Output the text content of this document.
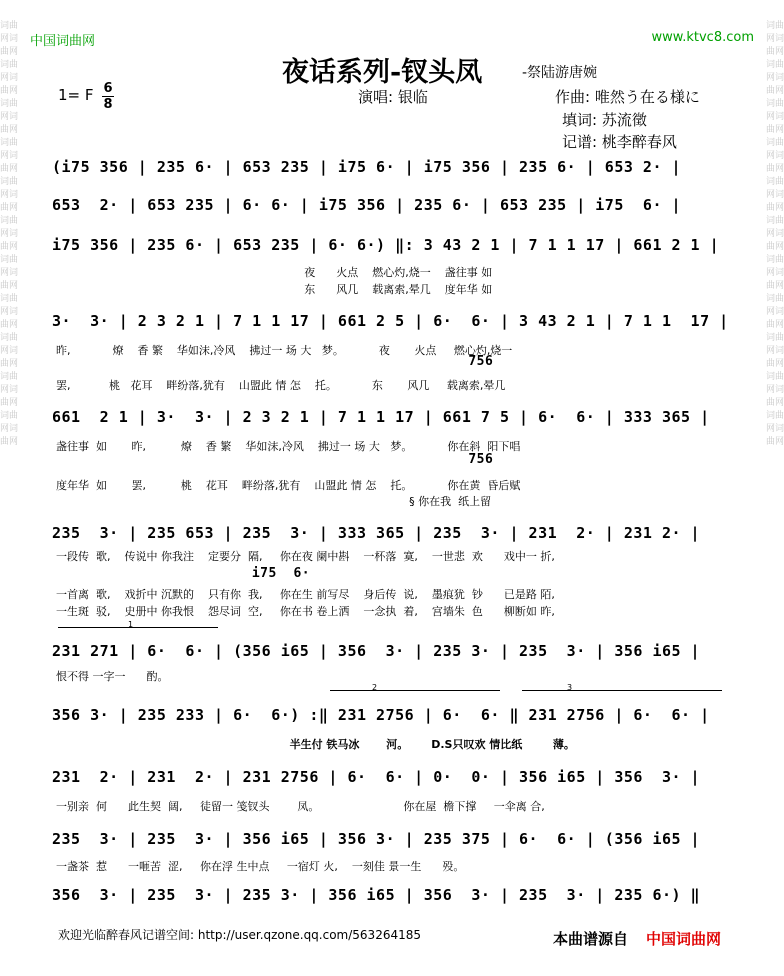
词曲网词曲网词曲网词曲网词曲网词曲网词曲网词曲网词曲网词曲网词曲网词曲网词曲网词曲网词曲网词曲网词曲网词曲网词曲网词曲网词曲网词曲网
词曲网词曲网词曲网词曲网词曲网词曲网词曲网词曲网词曲网词曲网词曲网词曲网词曲网词曲网词曲网词曲网词曲网词曲网词曲网词曲网词曲网词曲网
中国词曲网	www.ktvc8.com
夜话系列-钗头凤	-祭陆游唐婉
1= F 6
8	演唱: 银临	作曲: 唯然う在る様に
填词: 苏流徵
记谱: 桃李醉春风
(i75 356 | 235 6· | 653 235 | i75 6· | i75 356 | 235 6· | 653 2· |
653  2· | 653 235 | 6· 6· | i75 356 | 235 6· | 653 235 | i75  6· |
i75 356 | 235 6· | 653 235 | 6· 6·) ‖: 3 43 2 1 | 7 1 1 17 | 661 2 1 |
夜      火点    燃心灼,烧一    盏往事 如
东      风几    载离索,晕几    度年华 如
3·  3· | 2 3 2 1 | 7 1 1 17 | 661 2 5 | 6·  6· | 3 43 2 1 | 7 1 1  17 |
昨,            燎    香 繁    华如沫,冷风    拂过一 场 大   梦。          夜       火点     燃心灼,烧一
756
罢,           桃   花耳    畔纷落,犹有    山盟此 情 怎    托。          东       风几     载离索,晕几
661  2 1 | 3·  3· | 2 3 2 1 | 7 1 1 17 | 661 7 5 | 6·  6· | 333 365 |
盏往事  如       昨,          燎    香 繁    华如沫,冷风    拂过一 场 大   梦。          你在斜  阳下唱
756
度年华  如       罢,          桃    花耳    畔纷落,犹有    山盟此 情 怎    托。          你在黄  昏后赋
§ 你在我  纸上留
235  3· | 235 653 | 235  3· | 333 365 | 235  3· | 231  2· | 231 2· |
一段传  歌,    传说中 你我注    定要分  隔,     你在夜 阑中斟    一杯落  寞,    一世悲  欢      戏中一 折,
i75  6·
一首离  歌,    戏折中 沉默的    只有你  我,     你在生 前写尽    身后传  说,    墨痕犹  钞      已是路 陌,
一生斑  驳,    史册中 你我恨    怨尽词  空,     你在书 卷上洒    一念执  着,    宫墙朱  色      柳断如 昨,
1
231 271 | 6·  6· | (356 i65 | 356  3· | 235 3· | 235  3· | 356 i65 |
恨不得 一字一      酌。
2	3
356 3· | 235 233 | 6·  6·) :‖ 231 2756 | 6·  6· ‖ 231 2756 | 6·  6· |
半生付 铁马冰       河。      D.S只叹欢 情比纸        薄。
231  2· | 231  2· | 231 2756 | 6·  6· | 0·  0· | 356 i65 | 356  3· |
一别亲  何      此生契  阔,     徒留一 笺钗头        凤。                        你在屋  檐下撑     一伞离 合,
235  3· | 235  3· | 356 i65 | 356 3· | 235 375 | 6·  6· | (356 i65 |
一盏茶  惹      一咂苦  涩,     你在浮 生中点     一宿灯 火,    一刻佳 景一生      殁。
356  3· | 235  3· | 235 3· | 356 i65 | 356  3· | 235  3· | 235 6·) ‖
欢迎光临醉春风记谱空间: http://user.qzone.qq.com/563264185	本曲谱源自 中国词曲网
